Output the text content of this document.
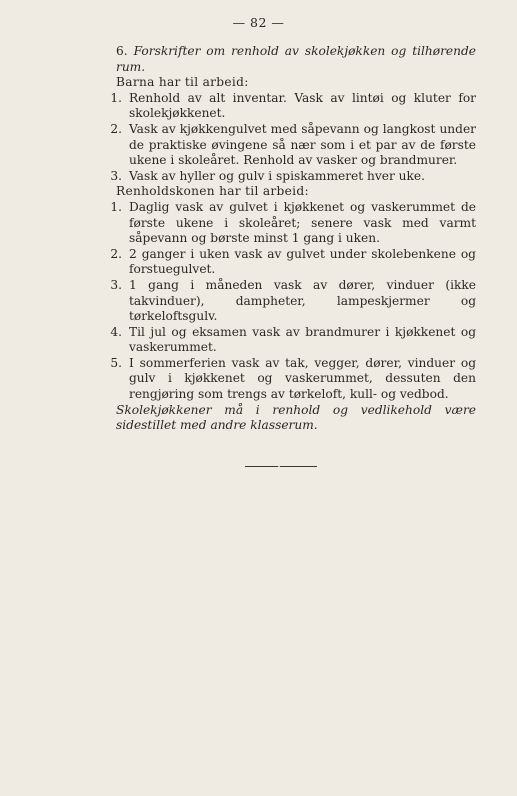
— 82 —

6. Forskrifter om renhold av skolekjøkken og tilhørende rum.

Barna har til arbeid:

1. Renhold av alt inventar. Vask av lintøi og kluter for skolekjøkkenet.

2. Vask av kjøkkengulvet med såpevann og langkost under de praktiske øvingene så nær som i et par av de første ukene i skoleåret. Renhold av vasker og brandmurer.

3. Vask av hyller og gulv i spiskammeret hver uke.

Renholdskonen har til arbeid:

1. Daglig vask av gulvet i kjøkkenet og vaskerummet de første ukene i skoleåret; senere vask med varmt såpevann og børste minst 1 gang i uken.

2. 2 ganger i uken vask av gulvet under skolebenkene og forstuegulvet.

3. 1 gang i måneden vask av dører, vinduer (ikke takvinduer), dampheter, lampeskjermer og tørkeloftsgulv.

4. Til jul og eksamen vask av brandmurer i kjøkkenet og vaskerummet.

5. I sommerferien vask av tak, vegger, dører, vinduer og gulv i kjøkkenet og vaskerummet, dessuten den rengjøring som trengs av tørkeloft, kull- og vedbod.

Skolekjøkkener må i renhold og vedlikehold være sidestillet med andre klasserum.
